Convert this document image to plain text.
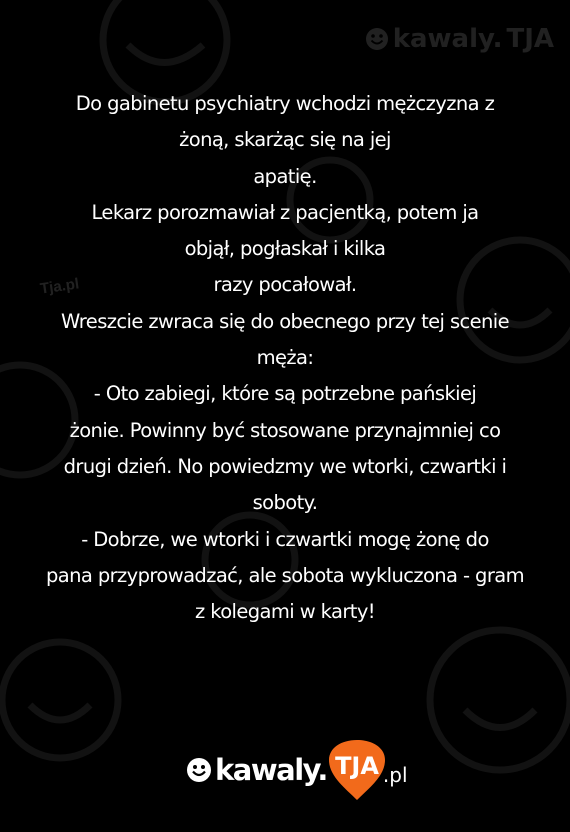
kawaly. TJA
Tja.pl

Do gabinetu psychiatry wchodzi mężczyzna z

żoną, skarżąc się na jej

apatię.

Lekarz porozmawiał z pacjentką, potem ja

objął, pogłaskał i kilka

razy pocałował.

Wreszcie zwraca się do obecnego przy tej scenie

męża:

- Oto zabiegi, które są potrzebne pańskiej

żonie. Powinny być stosowane przynajmniej co

drugi dzień. No powiedzmy we wtorki, czwartki i

soboty.

- Dobrze, we wtorki i czwartki mogę żonę do

pana przyprowadzać, ale sobota wykluczona - gram

z kolegami w karty!

kawaly. TJA .pl
